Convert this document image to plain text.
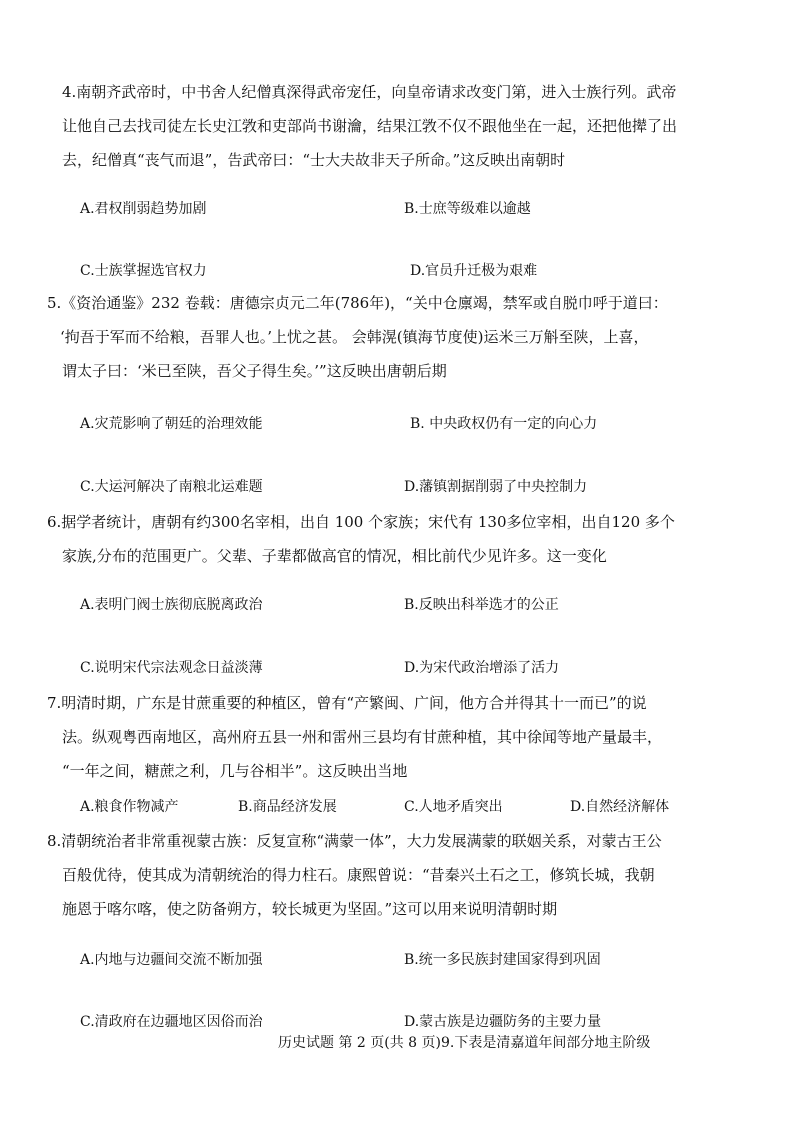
4.南朝齐武帝时，中书舍人纪僧真深得武帝宠任，向皇帝请求改变门第，进入士族行列。武帝
让他自己去找司徒左长史江敩和吏部尚书谢瀹，结果江敩不仅不跟他坐在一起，还把他撵了出
去，纪僧真“丧气而退”，告武帝曰：“士大夫故非天子所命。”这反映出南朝时
A.君权削弱趋势加剧	B.士庶等级难以逾越
C.士族掌握选官权力	D.官员升迁极为艰难
5.《资治通鉴》232 卷载：唐德宗贞元二年(786年)，“关中仓廪竭，禁军或自脱巾呼于道曰：
‘拘吾于军而不给粮，吾罪人也。’上忧之甚。 会韩滉(镇海节度使)运米三万斛至陕，上喜，
谓太子曰：‘米已至陕，吾父子得生矣。’”这反映出唐朝后期
A.灾荒影响了朝廷的治理效能	B. 中央政权仍有一定的向心力
C.大运河解决了南粮北运难题	D.藩镇割据削弱了中央控制力
6.据学者统计，唐朝有约300名宰相，出自 100 个家族；宋代有 130多位宰相，出自120 多个
家族,分布的范围更广。父辈、子辈都做高官的情况，相比前代少见许多。这一变化
A.表明门阀士族彻底脱离政治	B.反映出科举选才的公正
C.说明宋代宗法观念日益淡薄	D.为宋代政治增添了活力
7.明清时期，广东是甘蔗重要的种植区，曾有“产繁闽、广间，他方合并得其十一而已”的说
法。纵观粤西南地区，高州府五县一州和雷州三县均有甘蔗种植，其中徐闻等地产量最丰，
“一年之间，糖蔗之利，几与谷相半”。这反映出当地
A.粮食作物减产	B.商品经济发展	C.人地矛盾突出	D.自然经济解体
8.清朝统治者非常重视蒙古族：反复宣称“满蒙一体”，大力发展满蒙的联姻关系，对蒙古王公
百般优待，使其成为清朝统治的得力柱石。康熙曾说：“昔秦兴土石之工，修筑长城，我朝
施恩于喀尔喀，使之防备朔方，较长城更为坚固。”这可以用来说明清朝时期
A.内地与边疆间交流不断加强	B.统一多民族封建国家得到巩固
C.清政府在边疆地区因俗而治	D.蒙古族是边疆防务的主要力量
历史试题 第 2 页(共 8 页)9.下表是清嘉道年间部分地主阶级
